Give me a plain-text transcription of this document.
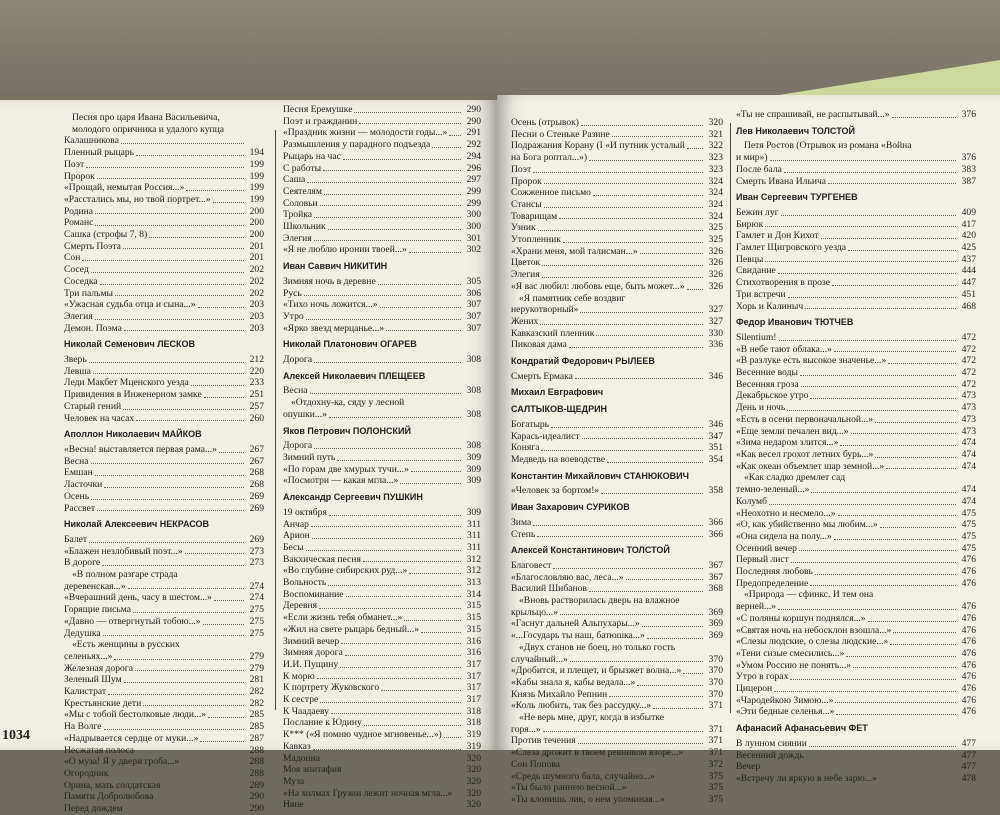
Песня про царя Ивана Васильевича,
молодого опричника и удалого купца
Калашникова
Пленный рыцарь	194
Поэт	199
Пророк	199
«Прощай, немытая Россия...»	199
«Расстались мы, но твой портрет...»	199
Родина	200
Романс	200
Сашка (строфы 7, 8)	200
Смерть Поэта	201
Сон	201
Сосед	202
Соседка	202
Три пальмы	202
«Ужасная судьба отца и сына...»	203
Элегия	203
Демон. Поэма	203
Николай Семенович ЛЕСКОВ
Зверь	212
Левша	220
Леди Макбет Мценского уезда	233
Привидения в Инженерном замке	251
Старый гений	257
Человек на часах	260
Аполлон Николаевич МАЙКОВ
«Весна! выставляется первая рама...»	267
Весна	267
Емшан	268
Ласточки	268
Осень	269
Рассвет	269
Николай Алексеевич НЕКРАСОВ
Балет	269
«Блажен незлобивый поэт...»	273
В дороге	273
«В полном разгаре страда
деревенская...»	274
«Вчерашний день, часу в шестом...»	274
Горящие письма	275
«Давно — отвергнутый тобою...»	275
Дедушка	275
«Есть женщины в русских
селеньях...»	279
Железная дорога	279
Зеленый Шум	281
Калистрат	282
Крестьянские дети	282
«Мы с тобой бестолковые люди...»	285
На Волге	285
«Надрывается сердце от муки...»	287
Несжатая полоса	288
«О музa! Я у двери гроба...»	288
Огородник	288
Орина, мать солдатская	289
Памяти Добролюбова	290
Перед дождем	290
Песня Еремушке	290
Поэт и гражданин	290
«Праздник жизни — молодости годы...»	291
Размышления у парадного подъезда	292
Рыцарь на час	294
С работы	296
Саша	297
Сеятелям	299
Соловьи	299
Тройка	300
Школьник	300
Элегия	301
«Я не люблю иронии твоей...»	302
Иван Саввич НИКИТИН
Зимняя ночь в деревне	305
Русь	306
«Тихо ночь ложится...»	307
Утро	307
«Ярко звезд мерцанье...»	307
Николай Платонович ОГАРЕВ
Дорога	308
Алексей Николаевич ПЛЕЩЕЕВ
Весна	308
«Отдохну-ка, сяду у лесной
опушки...»	308
Яков Петрович ПОЛОНСКИЙ
Дорога	308
Зимний путь	309
«По горам две хмурых тучи...»	309
«Посмотри — какая мгла...»	309
Александр Сергеевич ПУШКИН
19 октября	309
Анчар	311
Арион	311
Бесы	311
Вакхическая песня	312
«Во глубине сибирских руд...»	312
Вольность	313
Воспоминание	314
Деревня	315
«Если жизнь тебя обманет...»	315
«Жил на свете рыцарь бедный...»	315
Зимний вечер	316
Зимняя дорога	316
И.И. Пущину	317
К морю	317
К портрету Жуковского	317
К сестре	317
К Чаадаеву	318
Послание к Юдину	318
К*** («Я помню чудное мгновенье...»)	319
Кавказ	319
Мадонна	320
Моя эпитафия	320
Муза	320
«На холмах Грузии лежит ночная мгла...»	320
Няне	320
1034
Осень (отрывок)	320
Песни о Стеньке Разине	321
Подражания Корану (Ӏ «И путник усталый	322
на Бога роптал...»)	323
Поэт	323
Пророк	324
Сожженное письмо	324
Стансы	324
Товарищам	324
Узник	325
Утопленник	325
«Храни меня, мой талисман...»	326
Цветок	326
Элегия	326
«Я вас любил: любовь еще, быть может...»	326
«Я памятник себе воздвиг
нерукотворный»	327
Жених	327
Кавказский пленник	330
Пиковая дама	336
Кондратий Федорович РЫЛЕЕВ
Смерть Ермака	346
Михаил Евграфович
САЛТЫКОВ-ЩЕДРИН
Богатырь	346
Карась-идеалист	347
Коняга	351
Медведь на воеводстве	354
Константин Михайлович СТАНЮКОВИЧ
«Человек за бортом!»	358
Иван Захарович СУРИКОВ
Зима	366
Степь	366
Алексей Константинович ТОЛСТОЙ
Благовест	367
«Благословляю вас, леса...»	367
Василий Шибанов	368
«Вновь растворилась дверь на влажное
крыльцо...»	369
«Гаснут дальней Альпухары...»	369
«...Государь ты наш, батюшка...»	369
«Двух станов не боец, но только гость
случайный...»	370
«Дробится, и плещет, и брызжет волна...»	370
«Кабы знала я, кабы ведала...»	370
Князь Михайло Репнин	370
«Коль любить, так без рассудку...»	371
«Не верь мне, друг, когда в избытке
горя...»	371
Против течения	371
«Слеза дрожит в твоем ревнивом взоре...»	371
Сон Попова	372
«Средь шумного бала, случайно...»	375
«Ты было раннею весной...»	375
«Ты клонишь лик, о нем упоминая...»	375
«Ты не спрашивай, не распытывай...»	376
Лев Николаевич ТОЛСТОЙ
Петя Ростов (Отрывок из романа «Война
и мир»)	376
После бала	383
Смерть Ивана Ильича	387
Иван Сергеевич ТУРГЕНЕВ
Бежин луг	409
Бирюк	417
Гамлет и Дон Кихот	420
Гамлет Щигровского уезда	425
Певцы	437
Свидание	444
Стихотворения в прозе	447
Три встречи	451
Хорь и Калиныч	468
Федор Иванович ТЮТЧЕВ
Silentium!	472
«В небе тают облака...»	472
«В разлуке есть высокое значенье...»	472
Весенние воды	472
Весенняя гроза	472
Декабрьское утро	473
День и ночь	473
«Есть в осени первоначальной...»	473
«Еще земли печален вид...»	473
«Зима недаром злится...»	474
«Как весел грохот летних бурь...»	474
«Как океан объемлет шар земной...»	474
«Как сладко дремлет сад
темно-зеленый...»	474
Колумб	474
«Неохотно и несмело...»	475
«О, как убийственно мы любим...»	475
«Она сидела на полу...»	475
Осенний вечер	475
Первый лист	476
Последняя любовь	476
Предопределение	476
«Природа — сфинкс. И тем она
верней...»	476
«С поляны коршун поднялся...»	476
«Святая ночь на небосклон взошла...»	476
«Слезы людские, о слезы людские...»	476
«Тени сизые смесились...»	476
«Умом Россию не понять...»	476
Утро в горах	476
Цицерон	476
«Чародейкою Зимою...»	476
«Эти бедные селенья...»	476
Афанасий Афанасьевич ФЕТ
В лунном сиянии	477
Весенний дождь	477
Вечер	477
«Встречу ли яркую в небе зарю...»	478
